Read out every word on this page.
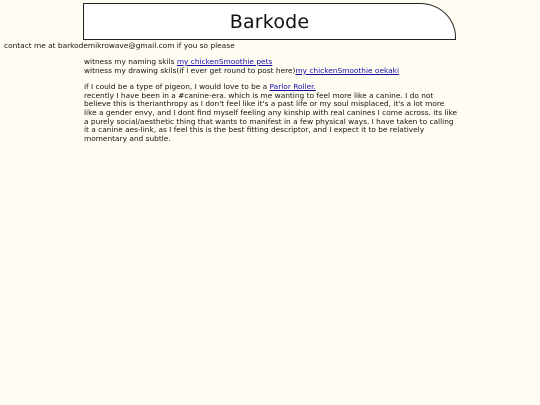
Barkode
contact me at barkodemikrowave@gmail.com if you so please

witness my naming skils my chickenSmoothie pets

witness my drawing skils(if i ever get round to post here)my chickenSmoothie oekaki

if I could be a type of pigeon, I would love to be a Parlor Roller.

recently I have been in a #canine-era. which is me wanting to feel more like a canine. I do not believe this is therianthropy as I don't feel like it's a past life or my soul misplaced, it's a lot more like a gender envy, and I dont find myself feeling any kinship with real canines I come across. its like a purely social/aesthetic thing that wants to manifest in a few physical ways. I have taken to calling it a canine aes-link, as I feel this is the best fitting descriptor, and I expect it to be relatively momentary and subtle.
